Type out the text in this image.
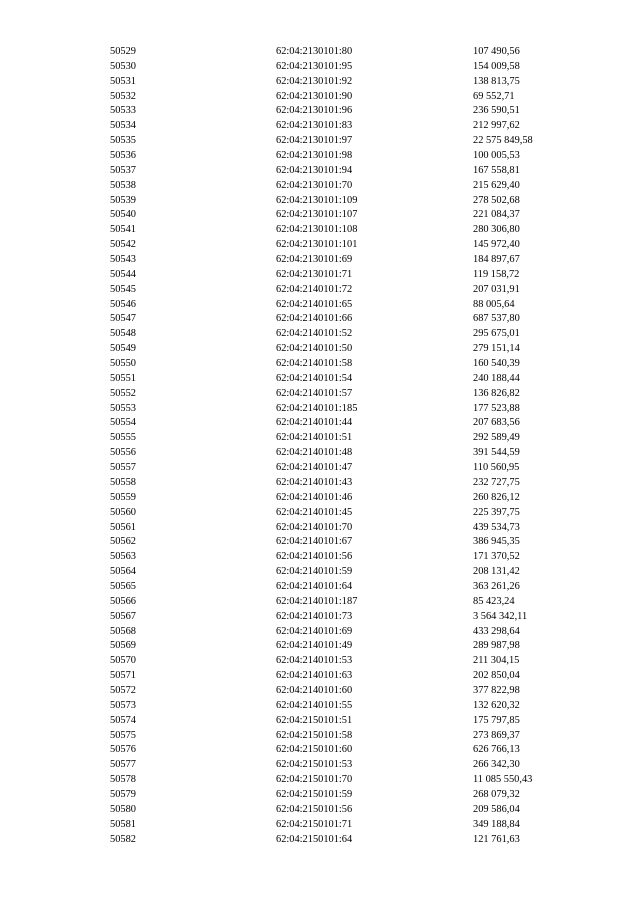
50529	62:04:2130101:80	107 490,56
50530	62:04:2130101:95	154 009,58
50531	62:04:2130101:92	138 813,75
50532	62:04:2130101:90	69 552,71
50533	62:04:2130101:96	236 590,51
50534	62:04:2130101:83	212 997,62
50535	62:04:2130101:97	22 575 849,58
50536	62:04:2130101:98	100 005,53
50537	62:04:2130101:94	167 558,81
50538	62:04:2130101:70	215 629,40
50539	62:04:2130101:109	278 502,68
50540	62:04:2130101:107	221 084,37
50541	62:04:2130101:108	280 306,80
50542	62:04:2130101:101	145 972,40
50543	62:04:2130101:69	184 897,67
50544	62:04:2130101:71	119 158,72
50545	62:04:2140101:72	207 031,91
50546	62:04:2140101:65	88 005,64
50547	62:04:2140101:66	687 537,80
50548	62:04:2140101:52	295 675,01
50549	62:04:2140101:50	279 151,14
50550	62:04:2140101:58	160 540,39
50551	62:04:2140101:54	240 188,44
50552	62:04:2140101:57	136 826,82
50553	62:04:2140101:185	177 523,88
50554	62:04:2140101:44	207 683,56
50555	62:04:2140101:51	292 589,49
50556	62:04:2140101:48	391 544,59
50557	62:04:2140101:47	110 560,95
50558	62:04:2140101:43	232 727,75
50559	62:04:2140101:46	260 826,12
50560	62:04:2140101:45	225 397,75
50561	62:04:2140101:70	439 534,73
50562	62:04:2140101:67	386 945,35
50563	62:04:2140101:56	171 370,52
50564	62:04:2140101:59	208 131,42
50565	62:04:2140101:64	363 261,26
50566	62:04:2140101:187	85 423,24
50567	62:04:2140101:73	3 564 342,11
50568	62:04:2140101:69	433 298,64
50569	62:04:2140101:49	289 987,98
50570	62:04:2140101:53	211 304,15
50571	62:04:2140101:63	202 850,04
50572	62:04:2140101:60	377 822,98
50573	62:04:2140101:55	132 620,32
50574	62:04:2150101:51	175 797,85
50575	62:04:2150101:58	273 869,37
50576	62:04:2150101:60	626 766,13
50577	62:04:2150101:53	266 342,30
50578	62:04:2150101:70	11 085 550,43
50579	62:04:2150101:59	268 079,32
50580	62:04:2150101:56	209 586,04
50581	62:04:2150101:71	349 188,84
50582	62:04:2150101:64	121 761,63
